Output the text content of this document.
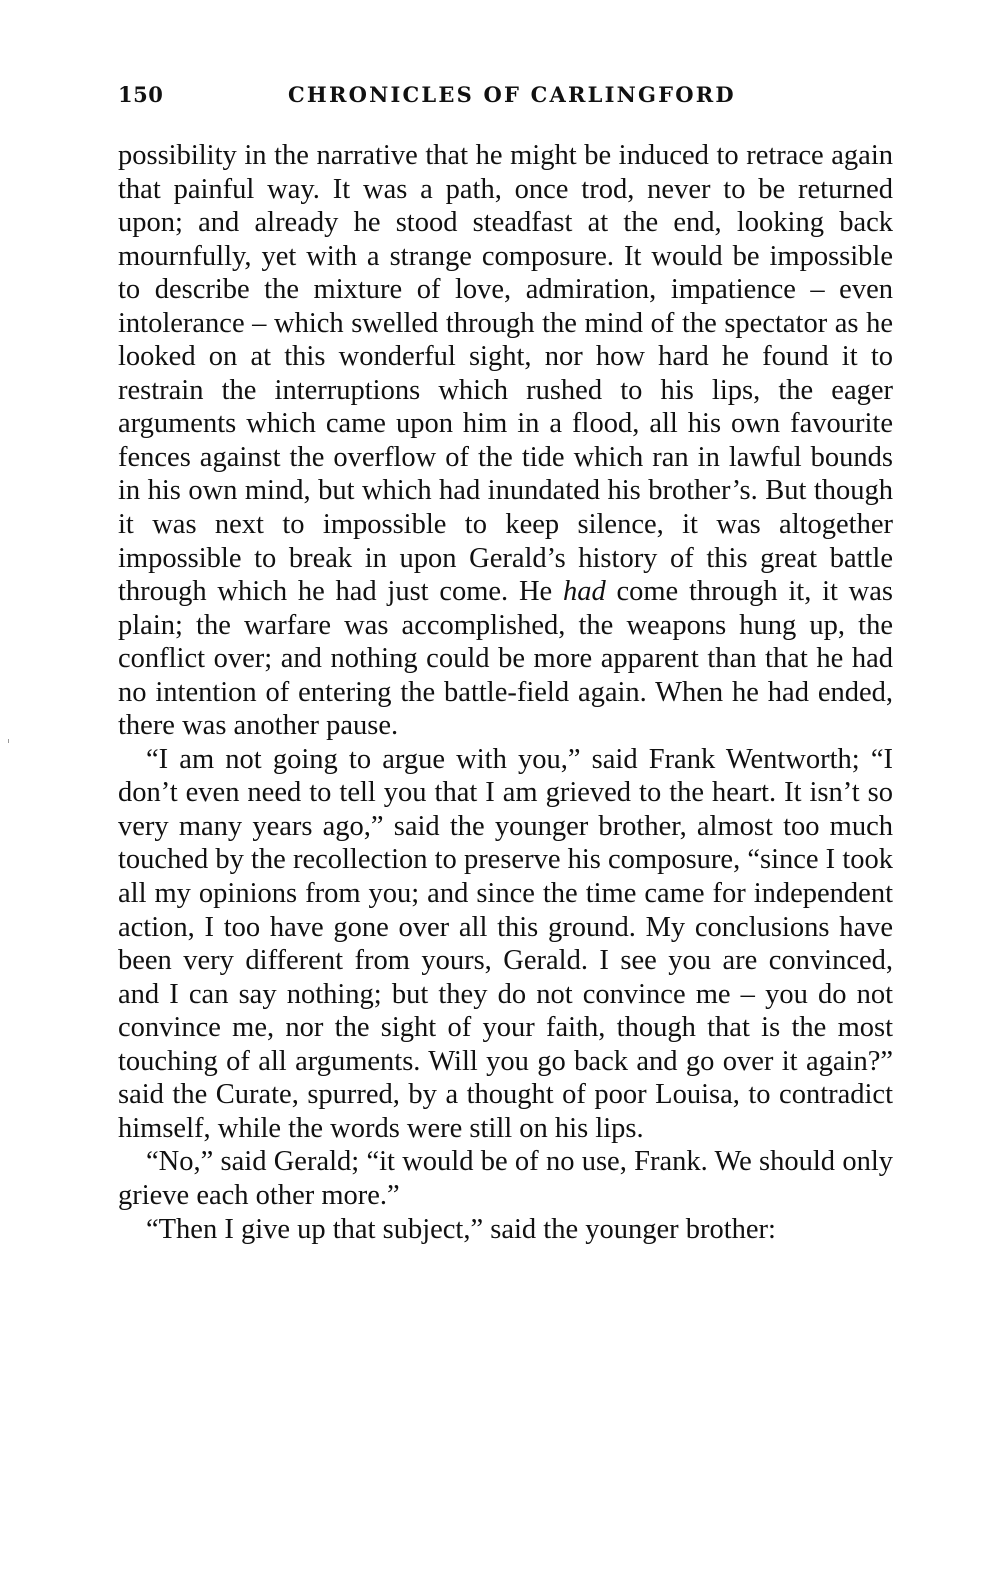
150	CHRONICLES OF CARLINGFORD

possibility in the narrative that he might be induced to retrace again that painful way. It was a path, once trod, never to be returned upon; and already he stood steadfast at the end, looking back mournfully, yet with a strange composure. It would be impossible to describe the mixture of love, admiration, impatience – even intolerance – which swelled through the mind of the spectator as he looked on at this wonderful sight, nor how hard he found it to restrain the interruptions which rushed to his lips, the eager arguments which came upon him in a flood, all his own favourite fences against the overflow of the tide which ran in lawful bounds in his own mind, but which had inundated his brother’s. But though it was next to impossible to keep silence, it was altogether impossible to break in upon Gerald’s history of this great battle through which he had just come. He had come through it, it was plain; the warfare was accomplished, the weapons hung up, the conflict over; and nothing could be more apparent than that he had no intention of entering the battle-field again. When he had ended, there was another pause.

“I am not going to argue with you,” said Frank Wentworth; “I don’t even need to tell you that I am grieved to the heart. It isn’t so very many years ago,” said the younger brother, almost too much touched by the recollection to preserve his composure, “since I took all my opinions from you; and since the time came for independent action, I too have gone over all this ground. My conclusions have been very different from yours, Gerald. I see you are convinced, and I can say nothing; but they do not convince me – you do not convince me, nor the sight of your faith, though that is the most touching of all arguments. Will you go back and go over it again?” said the Curate, spurred, by a thought of poor Louisa, to contradict himself, while the words were still on his lips.

“No,” said Gerald; “it would be of no use, Frank. We should only grieve each other more.”

“Then I give up that subject,” said the younger brother:
